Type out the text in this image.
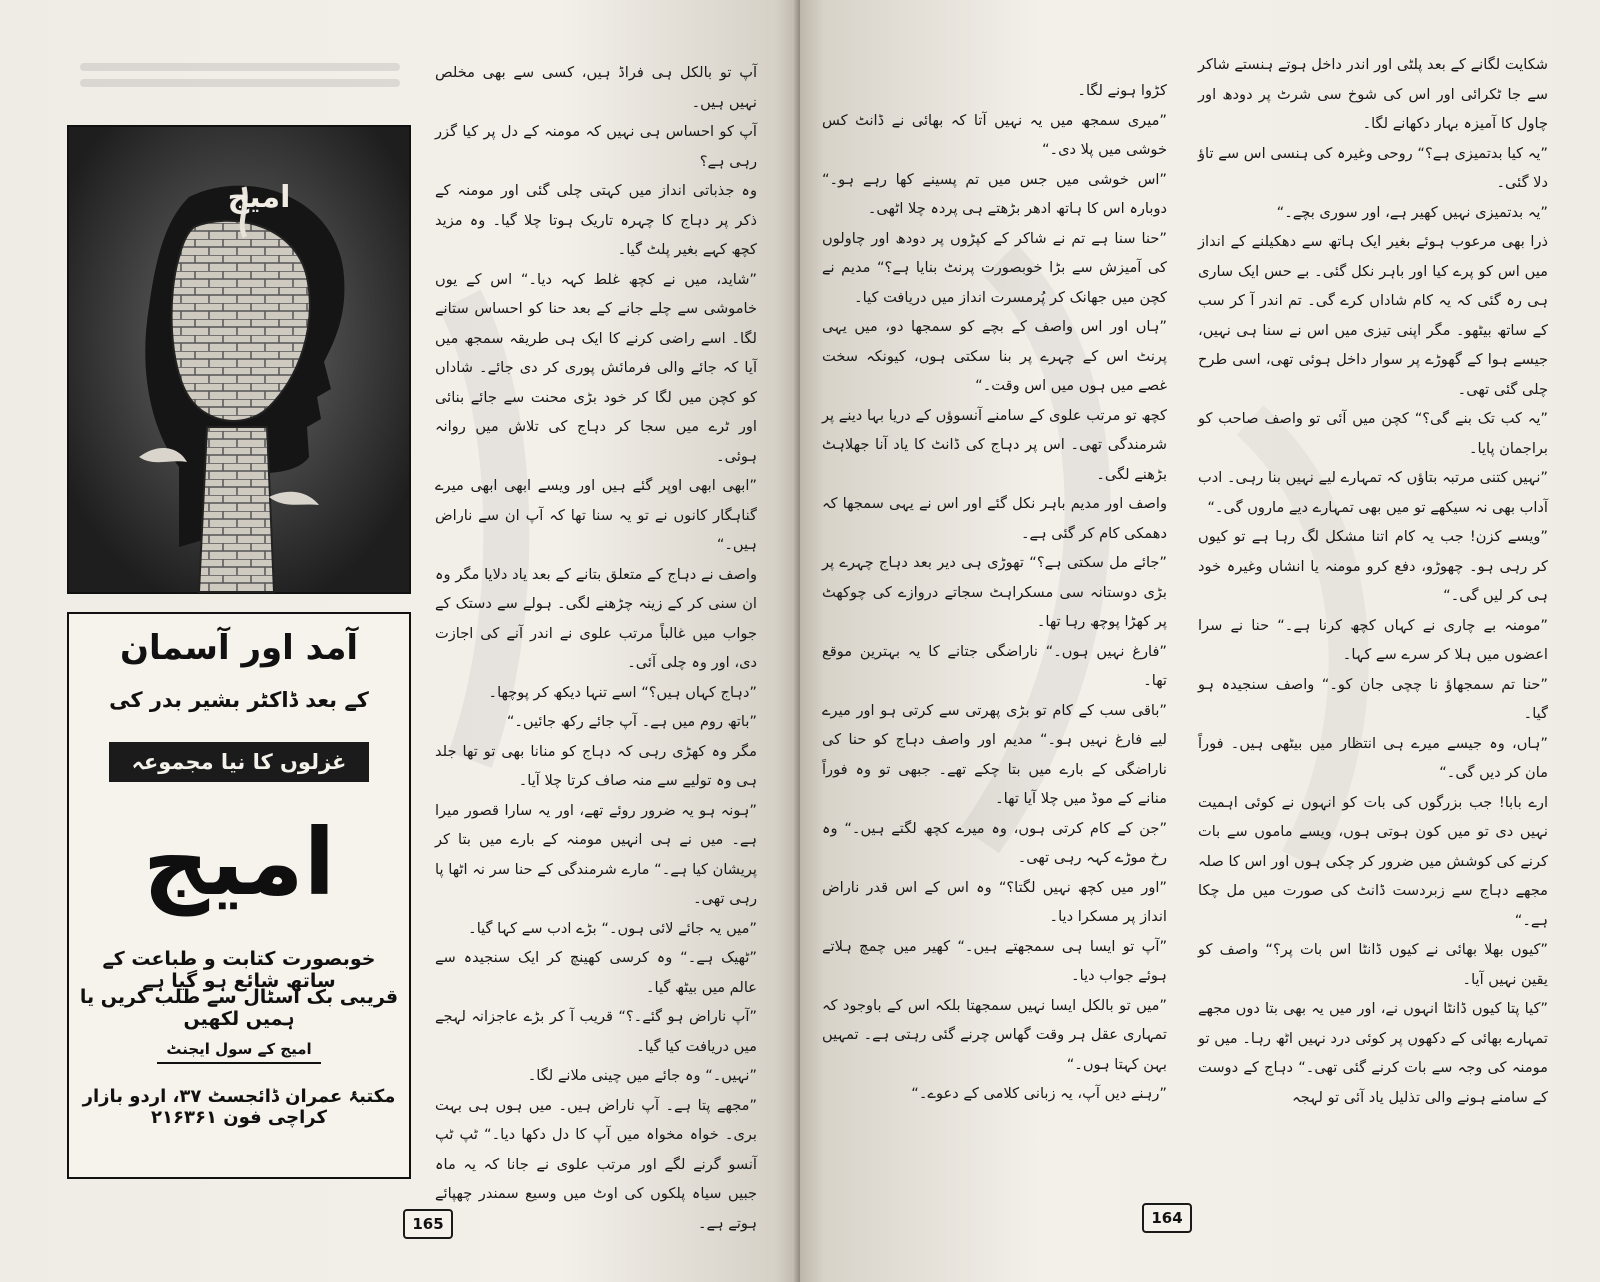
امیج
آمد اور آسمان
کے بعد ڈاکٹر بشیر بدر کی
غزلوں کا نیا مجموعہ
امیج
خوبصورت کتابت و طباعت کے ساتھ شائع ہو گیا ہے
قریبی بک اسٹال سے طلب کریں یا ہمیں لکھیں
امیج کے سول ایجنٹ
مکتبۂ عمران ڈائجسٹ ۳۷، اردو بازار کراچی فون ۲۱۶۳۶۱

آپ تو بالکل ہی فراڈ ہیں، کسی سے بھی مخلص نہیں ہیں۔

آپ کو احساس ہی نہیں کہ مومنہ کے دل پر کیا گزر رہی ہے؟

وہ جذباتی انداز میں کہتی چلی گئی اور مومنہ کے ذکر پر دہاج کا چہرہ تاریک ہوتا چلا گیا۔ وہ مزید کچھ کہے بغیر پلٹ گیا۔

”شاید، میں نے کچھ غلط کہہ دیا۔“ اس کے یوں خاموشی سے چلے جانے کے بعد حنا کو احساس ستانے لگا۔ اسے راضی کرنے کا ایک ہی طریقہ سمجھ میں آیا کہ جائے والی فرمائش پوری کر دی جائے۔ شاداں کو کچن میں لگا کر خود بڑی محنت سے جائے بنائی اور ٹرے میں سجا کر دہاج کی تلاش میں روانہ ہوئی۔

”ابھی ابھی اوپر گئے ہیں اور ویسے ابھی ابھی میرے گناہگار کانوں نے تو یہ سنا تھا کہ آپ ان سے ناراض ہیں۔“

واصف نے دہاج کے متعلق بتانے کے بعد یاد دلایا مگر وہ ان سنی کر کے زینہ چڑھنے لگی۔ ہولے سے دستک کے جواب میں غالباً مرتب علوی نے اندر آنے کی اجازت دی، اور وہ چلی آئی۔

”دہاج کہاں ہیں؟“ اسے تنہا دیکھ کر پوچھا۔

”باتھ روم میں ہے۔ آپ جائے رکھ جائیں۔“

مگر وہ کھڑی رہی کہ دہاج کو منانا بھی تو تھا جلد ہی وہ تولیے سے منہ صاف کرتا چلا آیا۔

”ہونہ ہو یہ ضرور روئے تھے، اور یہ سارا قصور میرا ہے۔ میں نے ہی انہیں مومنہ کے بارے میں بتا کر پریشان کیا ہے۔“ مارے شرمندگی کے حنا سر نہ اٹھا پا رہی تھی۔

”میں یہ جائے لائی ہوں۔“ بڑے ادب سے کہا گیا۔

”ٹھیک ہے۔“ وہ کرسی کھینچ کر ایک سنجیدہ سے عالم میں بیٹھ گیا۔

”آپ ناراض ہو گئے۔؟“ قریب آ کر بڑے عاجزانہ لہجے میں دریافت کیا گیا۔

”نہیں۔“ وہ جائے میں چینی ملانے لگا۔

”مجھے پتا ہے۔ آپ ناراض ہیں۔ میں ہوں ہی بہت بری۔ خواہ مخواہ میں آپ کا دل دکھا دیا۔“ ٹپ ٹپ آنسو گرنے لگے اور مرتب علوی نے جانا کہ یہ ماہ جبیں سیاہ پلکوں کی اوٹ میں وسیع سمندر چھپائے ہوتے ہے۔

165

کڑوا ہونے لگا۔

”میری سمجھ میں یہ نہیں آتا کہ بھائی نے ڈانٹ کس خوشی میں پلا دی۔“

”اس خوشی میں جس میں تم پسینے کھا رہے ہو۔“ دوبارہ اس کا ہاتھ ادھر بڑھتے ہی پردہ چلا اٹھی۔

”حنا سنا ہے تم نے شاکر کے کپڑوں پر دودھ اور چاولوں کی آمیزش سے بڑا خوبصورت پرنٹ بنایا ہے؟“ مدیم نے کچن میں جھانک کر پُرمسرت انداز میں دریافت کیا۔

”ہاں اور اس واصف کے بچے کو سمجھا دو، میں یہی پرنٹ اس کے چہرے پر بنا سکتی ہوں، کیونکہ سخت غصے میں ہوں میں اس وقت۔“

کچھ تو مرتب علوی کے سامنے آنسوؤں کے دریا بہا دینے پر شرمندگی تھی۔ اس پر دہاج کی ڈانٹ کا یاد آنا جھلاہٹ بڑھنے لگی۔

واصف اور مدیم باہر نکل گئے اور اس نے یہی سمجھا کہ دھمکی کام کر گئی ہے۔

”جائے مل سکتی ہے؟“ تھوڑی ہی دیر بعد دہاج چہرے پر بڑی دوستانہ سی مسکراہٹ سجاتے دروازے کی چوکھٹ پر کھڑا پوچھ رہا تھا۔

”فارغ نہیں ہوں۔“ ناراضگی جتانے کا یہ بہترین موقع تھا۔

”باقی سب کے کام تو بڑی پھرتی سے کرتی ہو اور میرے لیے فارغ نہیں ہو۔“ مدیم اور واصف دہاج کو حنا کی ناراضگی کے بارے میں بتا چکے تھے۔ جبھی تو وہ فوراً منانے کے موڈ میں چلا آیا تھا۔

”جن کے کام کرتی ہوں، وہ میرے کچھ لگتے ہیں۔“ وہ رخ موڑے کہہ رہی تھی۔

”اور میں کچھ نہیں لگتا؟“ وہ اس کے اس قدر ناراض انداز پر مسکرا دیا۔

”آپ تو ایسا ہی سمجھتے ہیں۔“ کھیر میں چمچ ہلاتے ہوئے جواب دیا۔

”میں تو بالکل ایسا نہیں سمجھتا بلکہ اس کے باوجود کہ تمہاری عقل ہر وقت گھاس چرنے گئی رہتی ہے۔ تمہیں بہن کہتا ہوں۔“

”رہنے دیں آپ، یہ زبانی کلامی کے دعوے۔“

شکایت لگانے کے بعد پلٹی اور اندر داخل ہوتے ہنستے شاکر سے جا ٹکرائی اور اس کی شوخ سی شرٹ پر دودھ اور چاول کا آمیزہ بہار دکھانے لگا۔

”یہ کیا بدتمیزی ہے؟“ روحی وغیرہ کی ہنسی اس سے تاؤ دلا گئی۔

”یہ بدتمیزی نہیں کھیر ہے، اور سوری بچے۔“

ذرا بھی مرعوب ہوئے بغیر ایک ہاتھ سے دھکیلنے کے انداز میں اس کو پرے کیا اور باہر نکل گئی۔ بے حس ایک ساری ہی رہ گئی کہ یہ کام شاداں کرے گی۔ تم اندر آ کر سب کے ساتھ بیٹھو۔ مگر اپنی تیزی میں اس نے سنا ہی نہیں، جیسے ہوا کے گھوڑے پر سوار داخل ہوئی تھی، اسی طرح چلی گئی تھی۔

”یہ کب تک بنے گی؟“ کچن میں آئی تو واصف صاحب کو براجمان پایا۔

”نہیں کتنی مرتبہ بتاؤں کہ تمہارے لیے نہیں بنا رہی۔ ادب آداب بھی نہ سیکھے تو میں بھی تمہارے دیے ماروں گی۔“

”ویسے کزن! جب یہ کام اتنا مشکل لگ رہا ہے تو کیوں کر رہی ہو۔ چھوڑو، دفع کرو مومنہ یا انشاں وغیرہ خود ہی کر لیں گی۔“

”مومنہ بے چاری نے کہاں کچھ کرنا ہے۔“ حنا نے سرا اعضوں میں ہلا کر سرے سے کہا۔

”حنا تم سمجھاؤ نا چچی جان کو۔“ واصف سنجیدہ ہو گیا۔

”ہاں، وہ جیسے میرے ہی انتظار میں بیٹھی ہیں۔ فوراً مان کر دیں گی۔“

ارے بابا! جب بزرگوں کی بات کو انہوں نے کوئی اہمیت نہیں دی تو میں کون ہوتی ہوں، ویسے ماموں سے بات کرنے کی کوشش میں ضرور کر چکی ہوں اور اس کا صلہ مجھے دہاج سے زبردست ڈانٹ کی صورت میں مل چکا ہے۔“

”کیوں بھلا بھائی نے کیوں ڈانٹا اس بات پر؟“ واصف کو یقین نہیں آیا۔

”کیا پتا کیوں ڈانٹا انہوں نے، اور میں یہ بھی بتا دوں مجھے تمہارے بھائی کے دکھوں پر کوئی درد نہیں اٹھ رہا۔ میں تو مومنہ کی وجہ سے بات کرنے گئی تھی۔“ دہاج کے دوست کے سامنے ہونے والی تذلیل یاد آئی تو لہجہ

164
